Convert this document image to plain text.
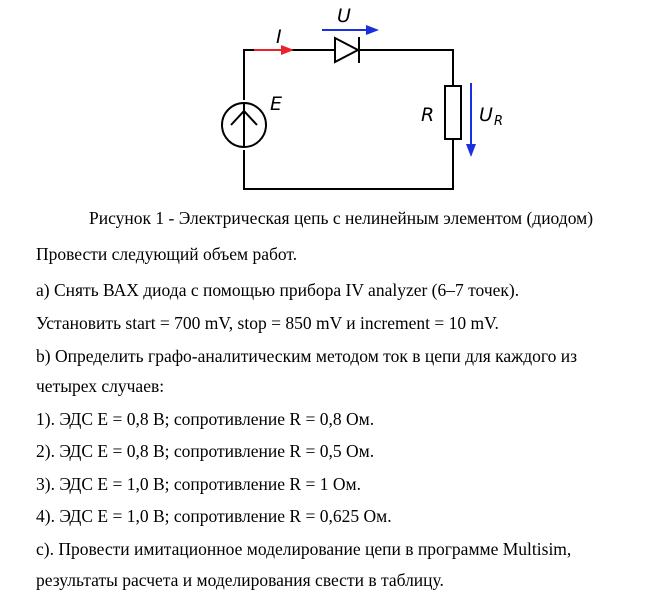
I
U
E	R U R
Рисунок 1 - Электрическая цепь с нелинейным элементом (диодом)
Провести следующий объем работ.
a) Снять ВАХ диода с помощью прибора IV analyzer (6–7 точек).
Установить start = 700 mV, stop = 850 mV и increment = 10 mV.
b) Определить графо-аналитическим методом ток в цепи для каждого из
четырех случаев:
1). ЭДС E = 0,8 В; сопротивление R = 0,8 Ом.
2). ЭДС E = 0,8 В; сопротивление R = 0,5 Ом.
3). ЭДС E = 1,0 В; сопротивление R = 1 Ом.
4). ЭДС E = 1,0 В; сопротивление R = 0,625 Ом.
c). Провести имитационное моделирование цепи в программе Multisim,
результаты расчета и моделирования свести в таблицу.
